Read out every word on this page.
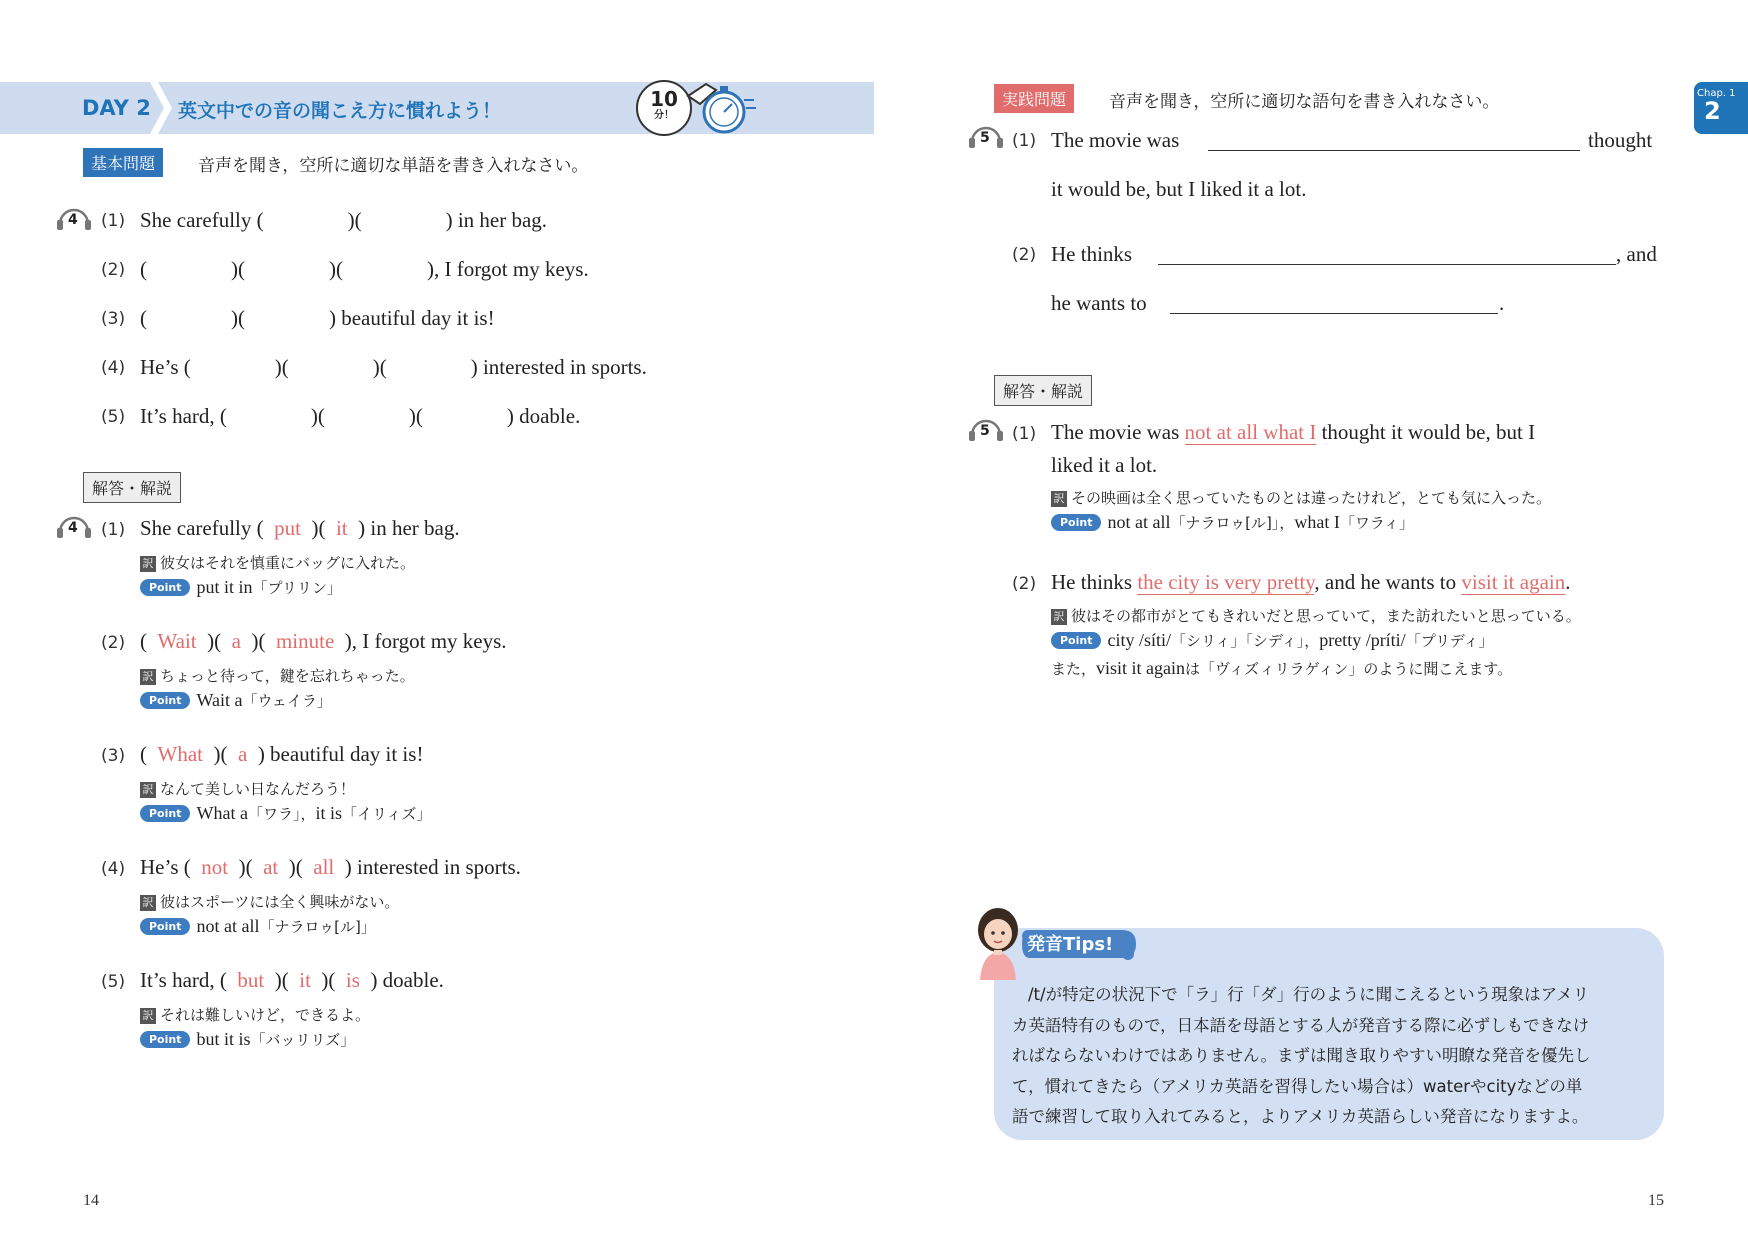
DAY 2 英文中での音の聞こえ方に慣れよう！	10
分！
基本問題	音声を聞き，空所に適切な単語を書き入れなさい。
4 (1) She carefully (                )(                ) in her bag.
(2) (                )(                )(                ), I forgot my keys.
(3) (                )(                ) beautiful day it is!
(4) He’s (                )(                )(                ) interested in sports.
(5) It’s hard, (                )(                )(                ) doable.
解答・解説
4 (1) She carefully ( put )( it ) in her bag.
訳 彼女はそれを慎重にバッグに入れた。
Point put it in「プリリン」
(2) ( Wait )( a )( minute ), I forgot my keys.
訳 ちょっと待って，鍵を忘れちゃった。
Point Wait a「ウェイラ」
(3) ( What )( a ) beautiful day it is!
訳 なんて美しい日なんだろう！
Point What a「ワラ」，it is「イリィズ」
(4) He’s ( not )( at )( all ) interested in sports.
訳 彼はスポーツには全く興味がない。
Point not at all「ナラロゥ[ル]」
(5) It’s hard, ( but )( it )( is ) doable.
訳 それは難しいけど，できるよ。
Point but it is「バッリリズ」
14
Chap. 1
2
実践問題	音声を聞き，空所に適切な語句を書き入れなさい。
5 (1) The movie was	thought
it would be, but I liked it a lot.
(2) He thinks	, and
he wants to	.
解答・解説
5 (1) The movie was not at all what I thought it would be, but I
liked it a lot.
訳 その映画は全く思っていたものとは違ったけれど，とても気に入った。
Point not at all「ナラロゥ[ル]」，what I「ワラィ」
(2) He thinks the city is very pretty, and he wants to visit it again.
訳 彼はその都市がとてもきれいだと思っていて，また訪れたいと思っている。
Point city /síti/「シリィ」「シディ」，pretty /príti/「プリディ」
また，visit it againは「ヴィズィリラゲィン」のように聞こえます。
発音Tips!
/t/が特定の状況下で「ラ」行「ダ」行のように聞こえるという現象はアメリ
カ英語特有のもので，日本語を母語とする人が発音する際に必ずしもできなけ
ればならないわけではありません。まずは聞き取りやすい明瞭な発音を優先し
て，慣れてきたら（アメリカ英語を習得したい場合は）waterやcityなどの単
語で練習して取り入れてみると，よりアメリカ英語らしい発音になりますよ。
15
